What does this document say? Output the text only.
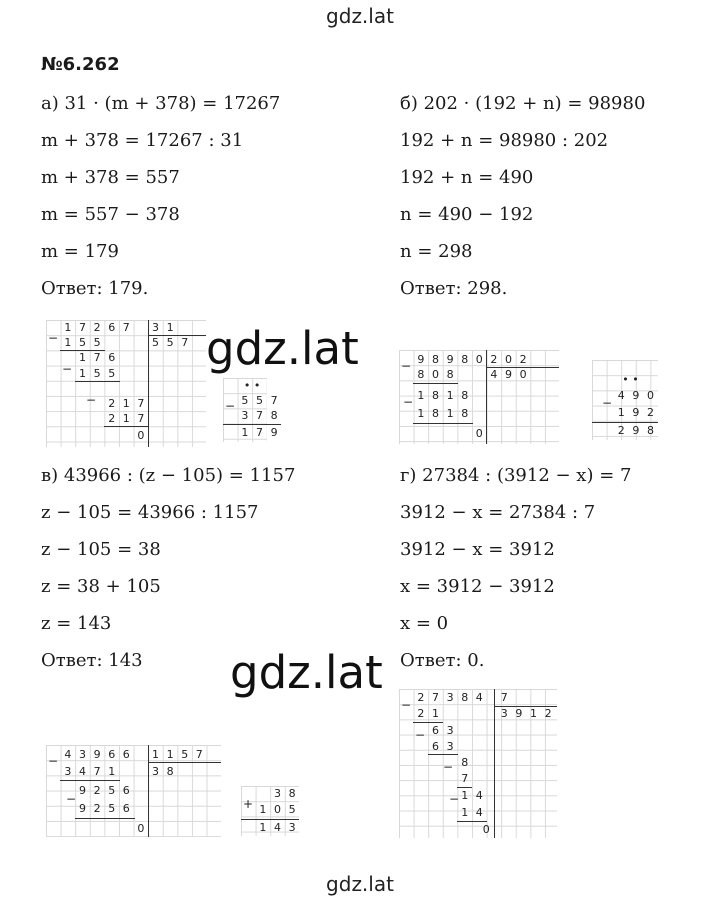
gdz.lat
№6.262
а) 31 · (m + 378) = 17267
m + 378 = 17267 : 31
m + 378 = 557
m = 557 − 378
m = 179
Ответ: 179.
б) 202 · (192 + n) = 98980
192 + n = 98980 : 202
192 + n = 490
n = 490 − 192
n = 298
Ответ: 298.
−
1 7 2 6 7	3 1
1 5 5	5 5 7
−
1 7 6
1 5 5
−	2 1 7
2 1 7
0
• •
− 5 5 7
3 7 8
1 7 9
gdz.lat	− 9 8 9 8 0 2 0 2
8 0 8	4 9 0
− 1 8 1 8
1 8 1 8
0
• •
−
4 9 0
1 9 2
2 9 8
в) 43966 : (z − 105) = 1157
z − 105 = 43966 : 1157
z − 105 = 38
z = 38 + 105
z = 143
Ответ: 143
г) 27384 : (3912 − x) = 7
3912 − x = 27384 : 7
3912 − x = 3912
x = 3912 − 3912
x = 0
Ответ: 0.
gdz.lat
− 4 3 9 6 6	1 1 5 7
3 4 7 1	3 8
−
9 2 5 6
9 2 5 6
0
+
3 8
1 0 5
1 4 3
−
2 7 3 8 4	7
2 1	3 9 1 2
− 6 3
6 3
− 8
7
− 1 4
1 4
0
gdz.lat
